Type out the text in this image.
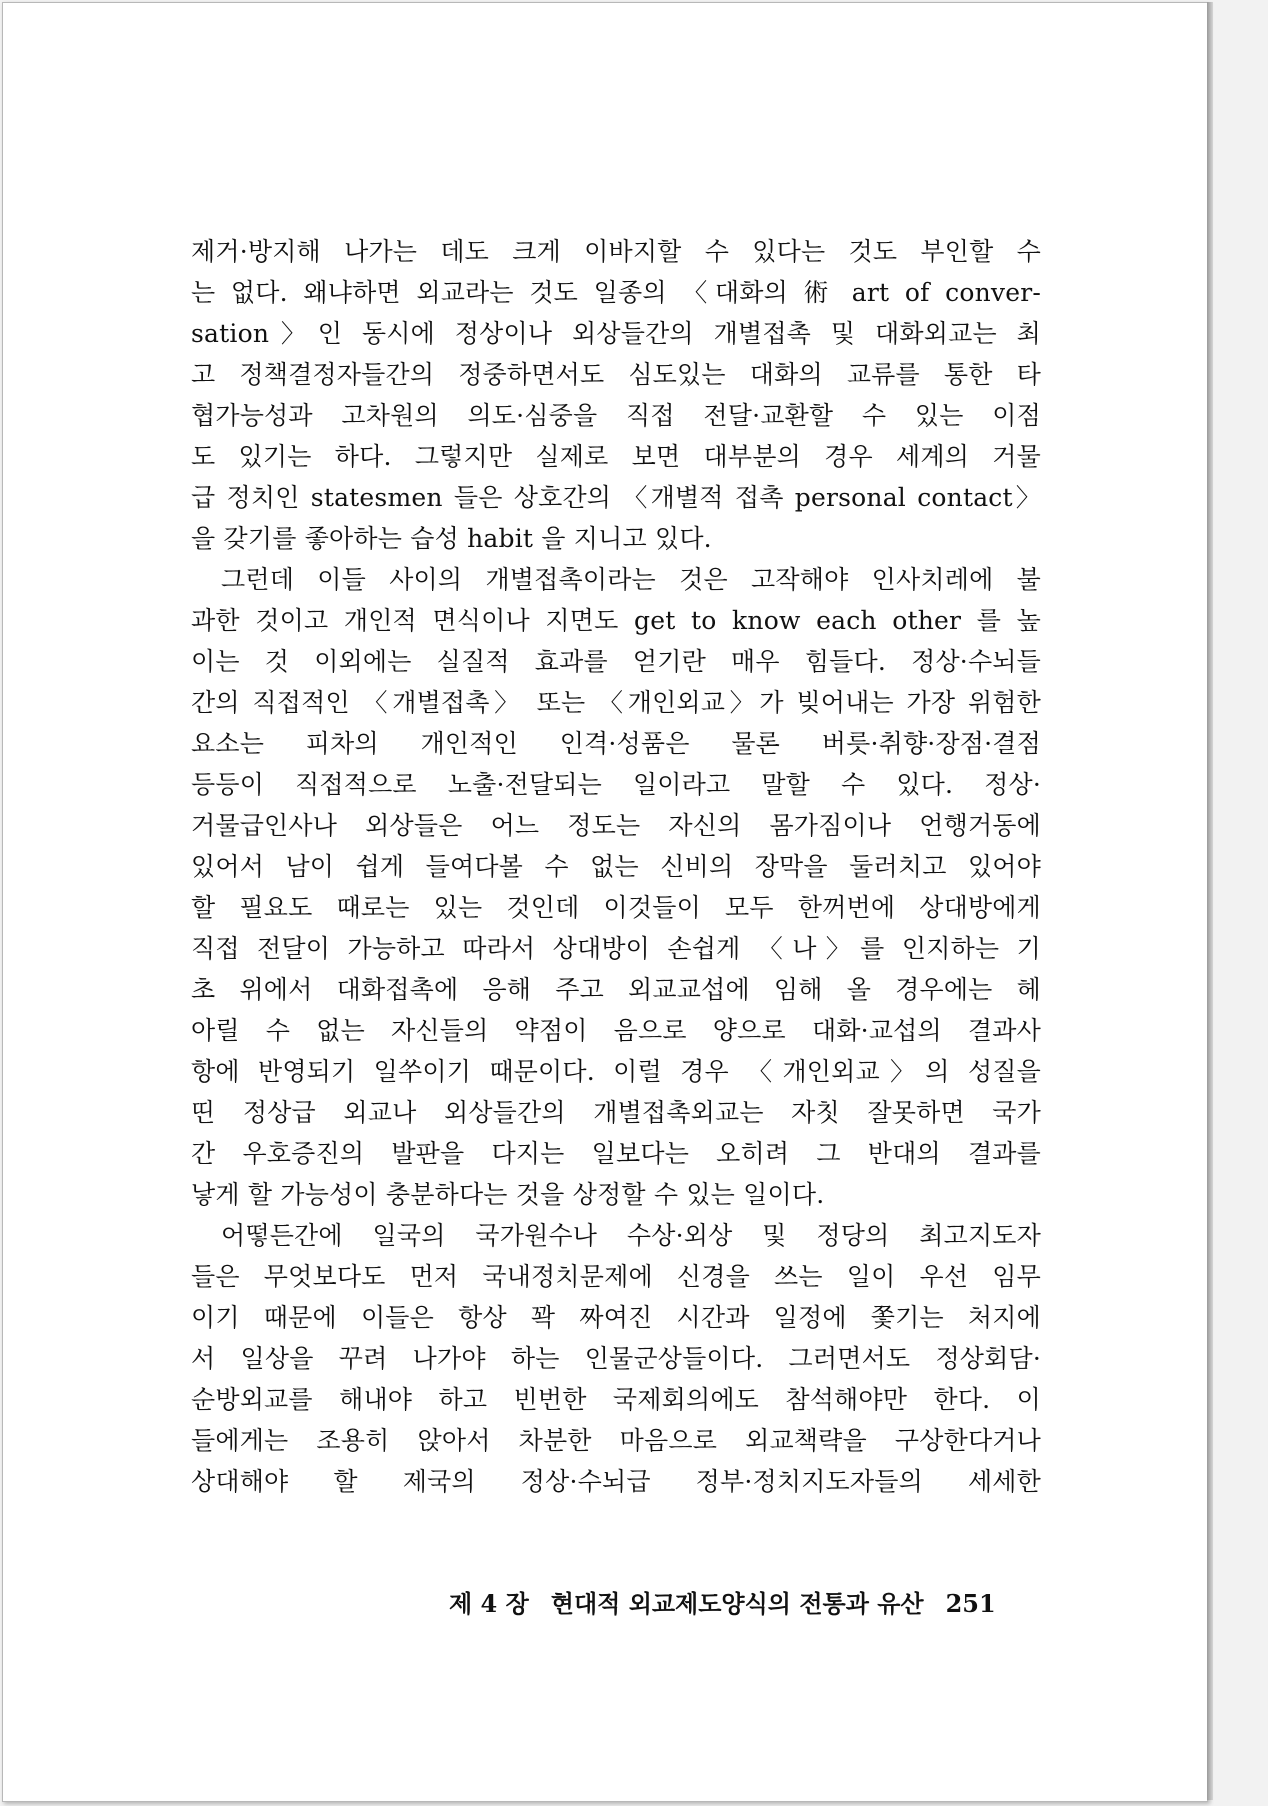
제거·방지해 나가는 데도 크게 이바지할 수 있다는 것도 부인할 수
는 없다. 왜냐하면 외교라는 것도 일종의 〈대화의 術 art of conver-
sation〉인 동시에 정상이나 외상들간의 개별접촉 및 대화외교는 최
고 정책결정자들간의 정중하면서도 심도있는 대화의 교류를 통한 타
협가능성과 고차원의 의도·심중을 직접 전달·교환할 수 있는 이점
도 있기는 하다. 그렇지만 실제로 보면 대부분의 경우 세계의 거물
급 정치인 statesmen 들은 상호간의 〈개별적 접촉 personal contact〉
을 갖기를 좋아하는 습성 habit 을 지니고 있다.
그런데 이들 사이의 개별접촉이라는 것은 고작해야 인사치레에 불
과한 것이고 개인적 면식이나 지면도 get to know each other 를 높
이는 것 이외에는 실질적 효과를 얻기란 매우 힘들다. 정상·수뇌들
간의 직접적인 〈개별접촉〉 또는 〈개인외교〉가 빚어내는 가장 위험한
요소는 피차의 개인적인 인격·성품은 물론 버릇·취향·장점·결점
등등이 직접적으로 노출·전달되는 일이라고 말할 수 있다. 정상·
거물급인사나 외상들은 어느 정도는 자신의 몸가짐이나 언행거동에
있어서 남이 쉽게 들여다볼 수 없는 신비의 장막을 둘러치고 있어야
할 필요도 때로는 있는 것인데 이것들이 모두 한꺼번에 상대방에게
직접 전달이 가능하고 따라서 상대방이 손쉽게 〈나〉를 인지하는 기
초 위에서 대화접촉에 응해 주고 외교교섭에 임해 올 경우에는 헤
아릴 수 없는 자신들의 약점이 음으로 양으로 대화·교섭의 결과사
항에 반영되기 일쑤이기 때문이다. 이럴 경우 〈개인외교〉의 성질을
띤 정상급 외교나 외상들간의 개별접촉외교는 자칫 잘못하면 국가
간 우호증진의 발판을 다지는 일보다는 오히려 그 반대의 결과를
낳게 할 가능성이 충분하다는 것을 상정할 수 있는 일이다.
어떻든간에 일국의 국가원수나 수상·외상 및 정당의 최고지도자
들은 무엇보다도 먼저 국내정치문제에 신경을 쓰는 일이 우선 임무
이기 때문에 이들은 항상 꽉 짜여진 시간과 일정에 쫓기는 처지에
서 일상을 꾸려 나가야 하는 인물군상들이다. 그러면서도 정상회담·
순방외교를 해내야 하고 빈번한 국제회의에도 참석해야만 한다. 이
들에게는 조용히 앉아서 차분한 마음으로 외교책략을 구상한다거나
상대해야 할 제국의 정상·수뇌급 정부·정치지도자들의 세세한
제 4 장 현대적 외교제도양식의 전통과 유산 251
